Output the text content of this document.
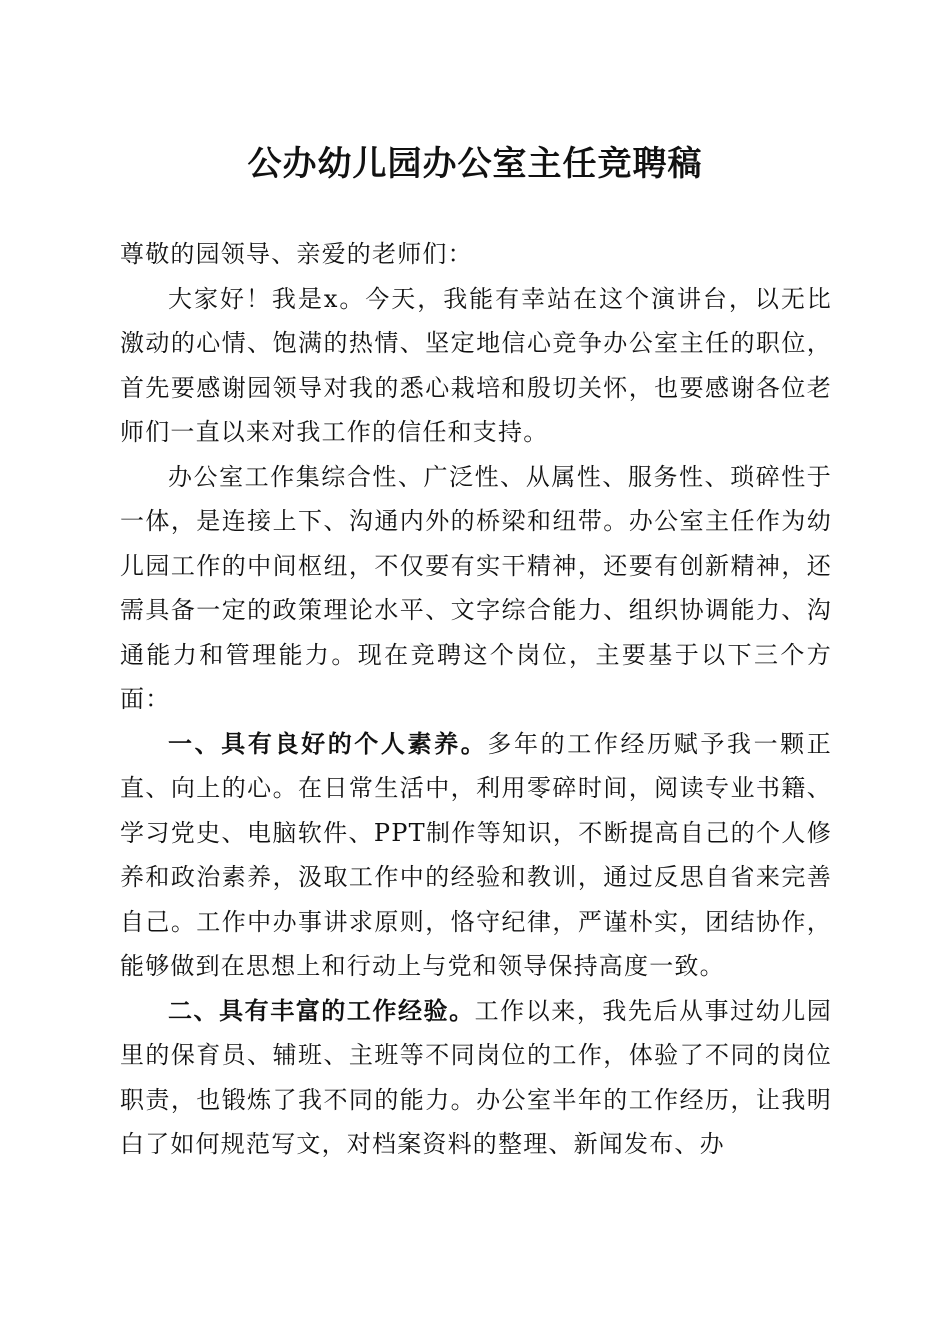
公办幼儿园办公室主任竞聘稿

尊敬的园领导、亲爱的老师们：

大家好！我是x。今天，我能有幸站在这个演讲台，以无比激动的心情、饱满的热情、坚定地信心竞争办公室主任的职位，首先要感谢园领导对我的悉心栽培和殷切关怀，也要感谢各位老师们一直以来对我工作的信任和支持。

办公室工作集综合性、广泛性、从属性、服务性、琐碎性于一体，是连接上下、沟通内外的桥梁和纽带。办公室主任作为幼儿园工作的中间枢纽，不仅要有实干精神，还要有创新精神，还需具备一定的政策理论水平、文字综合能力、组织协调能力、沟通能力和管理能力。现在竞聘这个岗位，主要基于以下三个方面：

一、具有良好的个人素养。多年的工作经历赋予我一颗正直、向上的心。在日常生活中，利用零碎时间，阅读专业书籍、学习党史、电脑软件、PPT制作等知识，不断提高自己的个人修养和政治素养，汲取工作中的经验和教训，通过反思自省来完善自己。工作中办事讲求原则，恪守纪律，严谨朴实，团结协作，能够做到在思想上和行动上与党和领导保持高度一致。

二、具有丰富的工作经验。工作以来，我先后从事过幼儿园里的保育员、辅班、主班等不同岗位的工作，体验了不同的岗位职责，也锻炼了我不同的能力。办公室半年的工作经历，让我明白了如何规范写文，对档案资料的整理、新闻发布、办
